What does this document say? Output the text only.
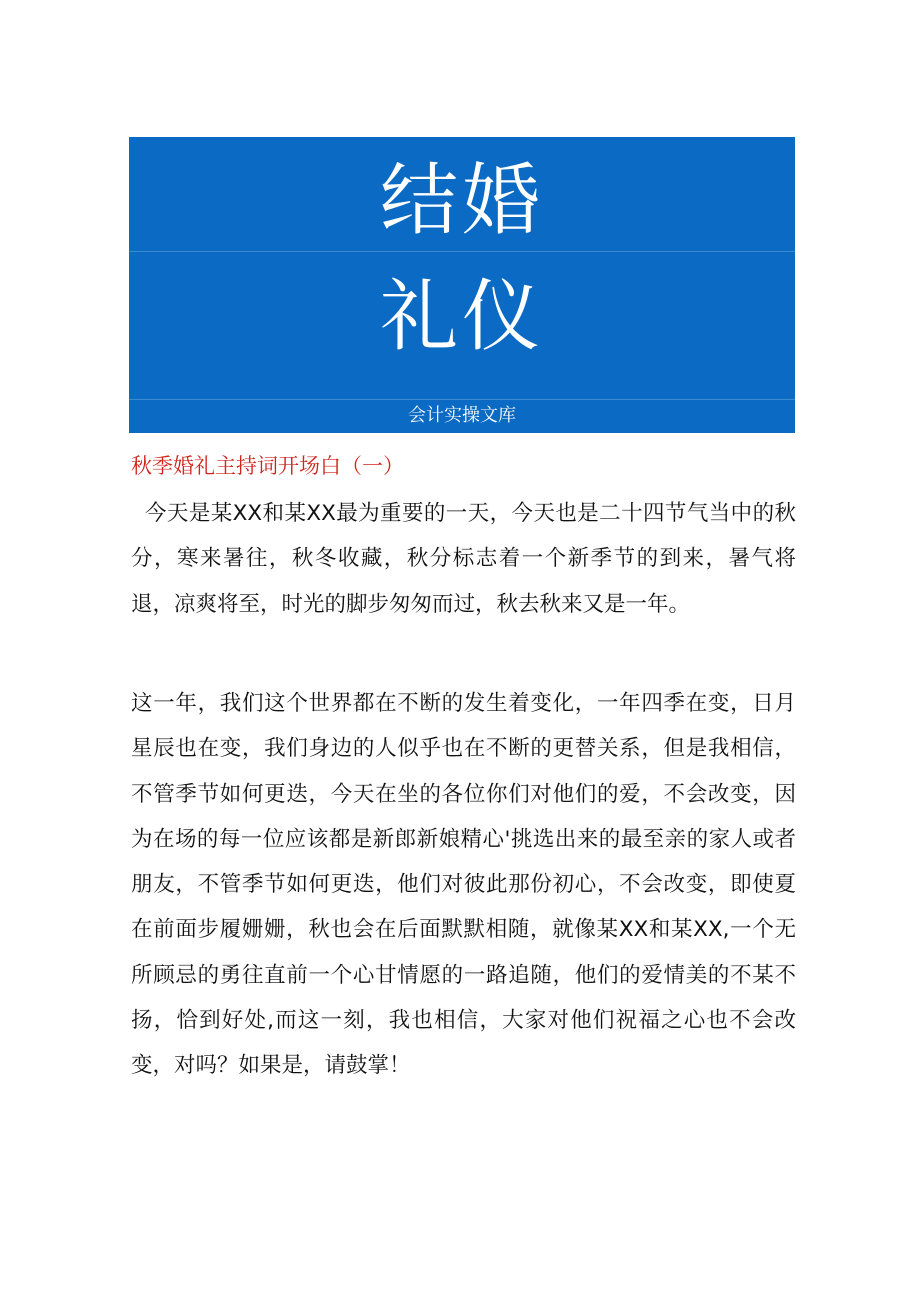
结婚
礼仪
会计实操文库
秋季婚礼主持词开场白（一）

今天是某XX和某XX最为重要的一天，今天也是二十四节气当中的秋分，寒来暑往，秋冬收藏，秋分标志着一个新季节的到来，暑气将退，凉爽将至，时光的脚步匆匆而过，秋去秋来又是一年。

这一年，我们这个世界都在不断的发生着变化，一年四季在变，日月星辰也在变，我们身边的人似乎也在不断的更替关系，但是我相信，不管季节如何更迭，今天在坐的各位你们对他们的爱，不会改变，因为在场的每一位应该都是新郎新娘精心'挑选出来的最至亲的家人或者朋友，不管季节如何更迭，他们对彼此那份初心，不会改变，即使夏在前面步履姗姗，秋也会在后面默默相随，就像某XX和某XX,一个无所顾忌的勇往直前一个心甘情愿的一路追随，他们的爱情美的不某不扬，恰到好处,而这一刻，我也相信，大家对他们祝福之心也不会改变，对吗？如果是，请鼓掌！
